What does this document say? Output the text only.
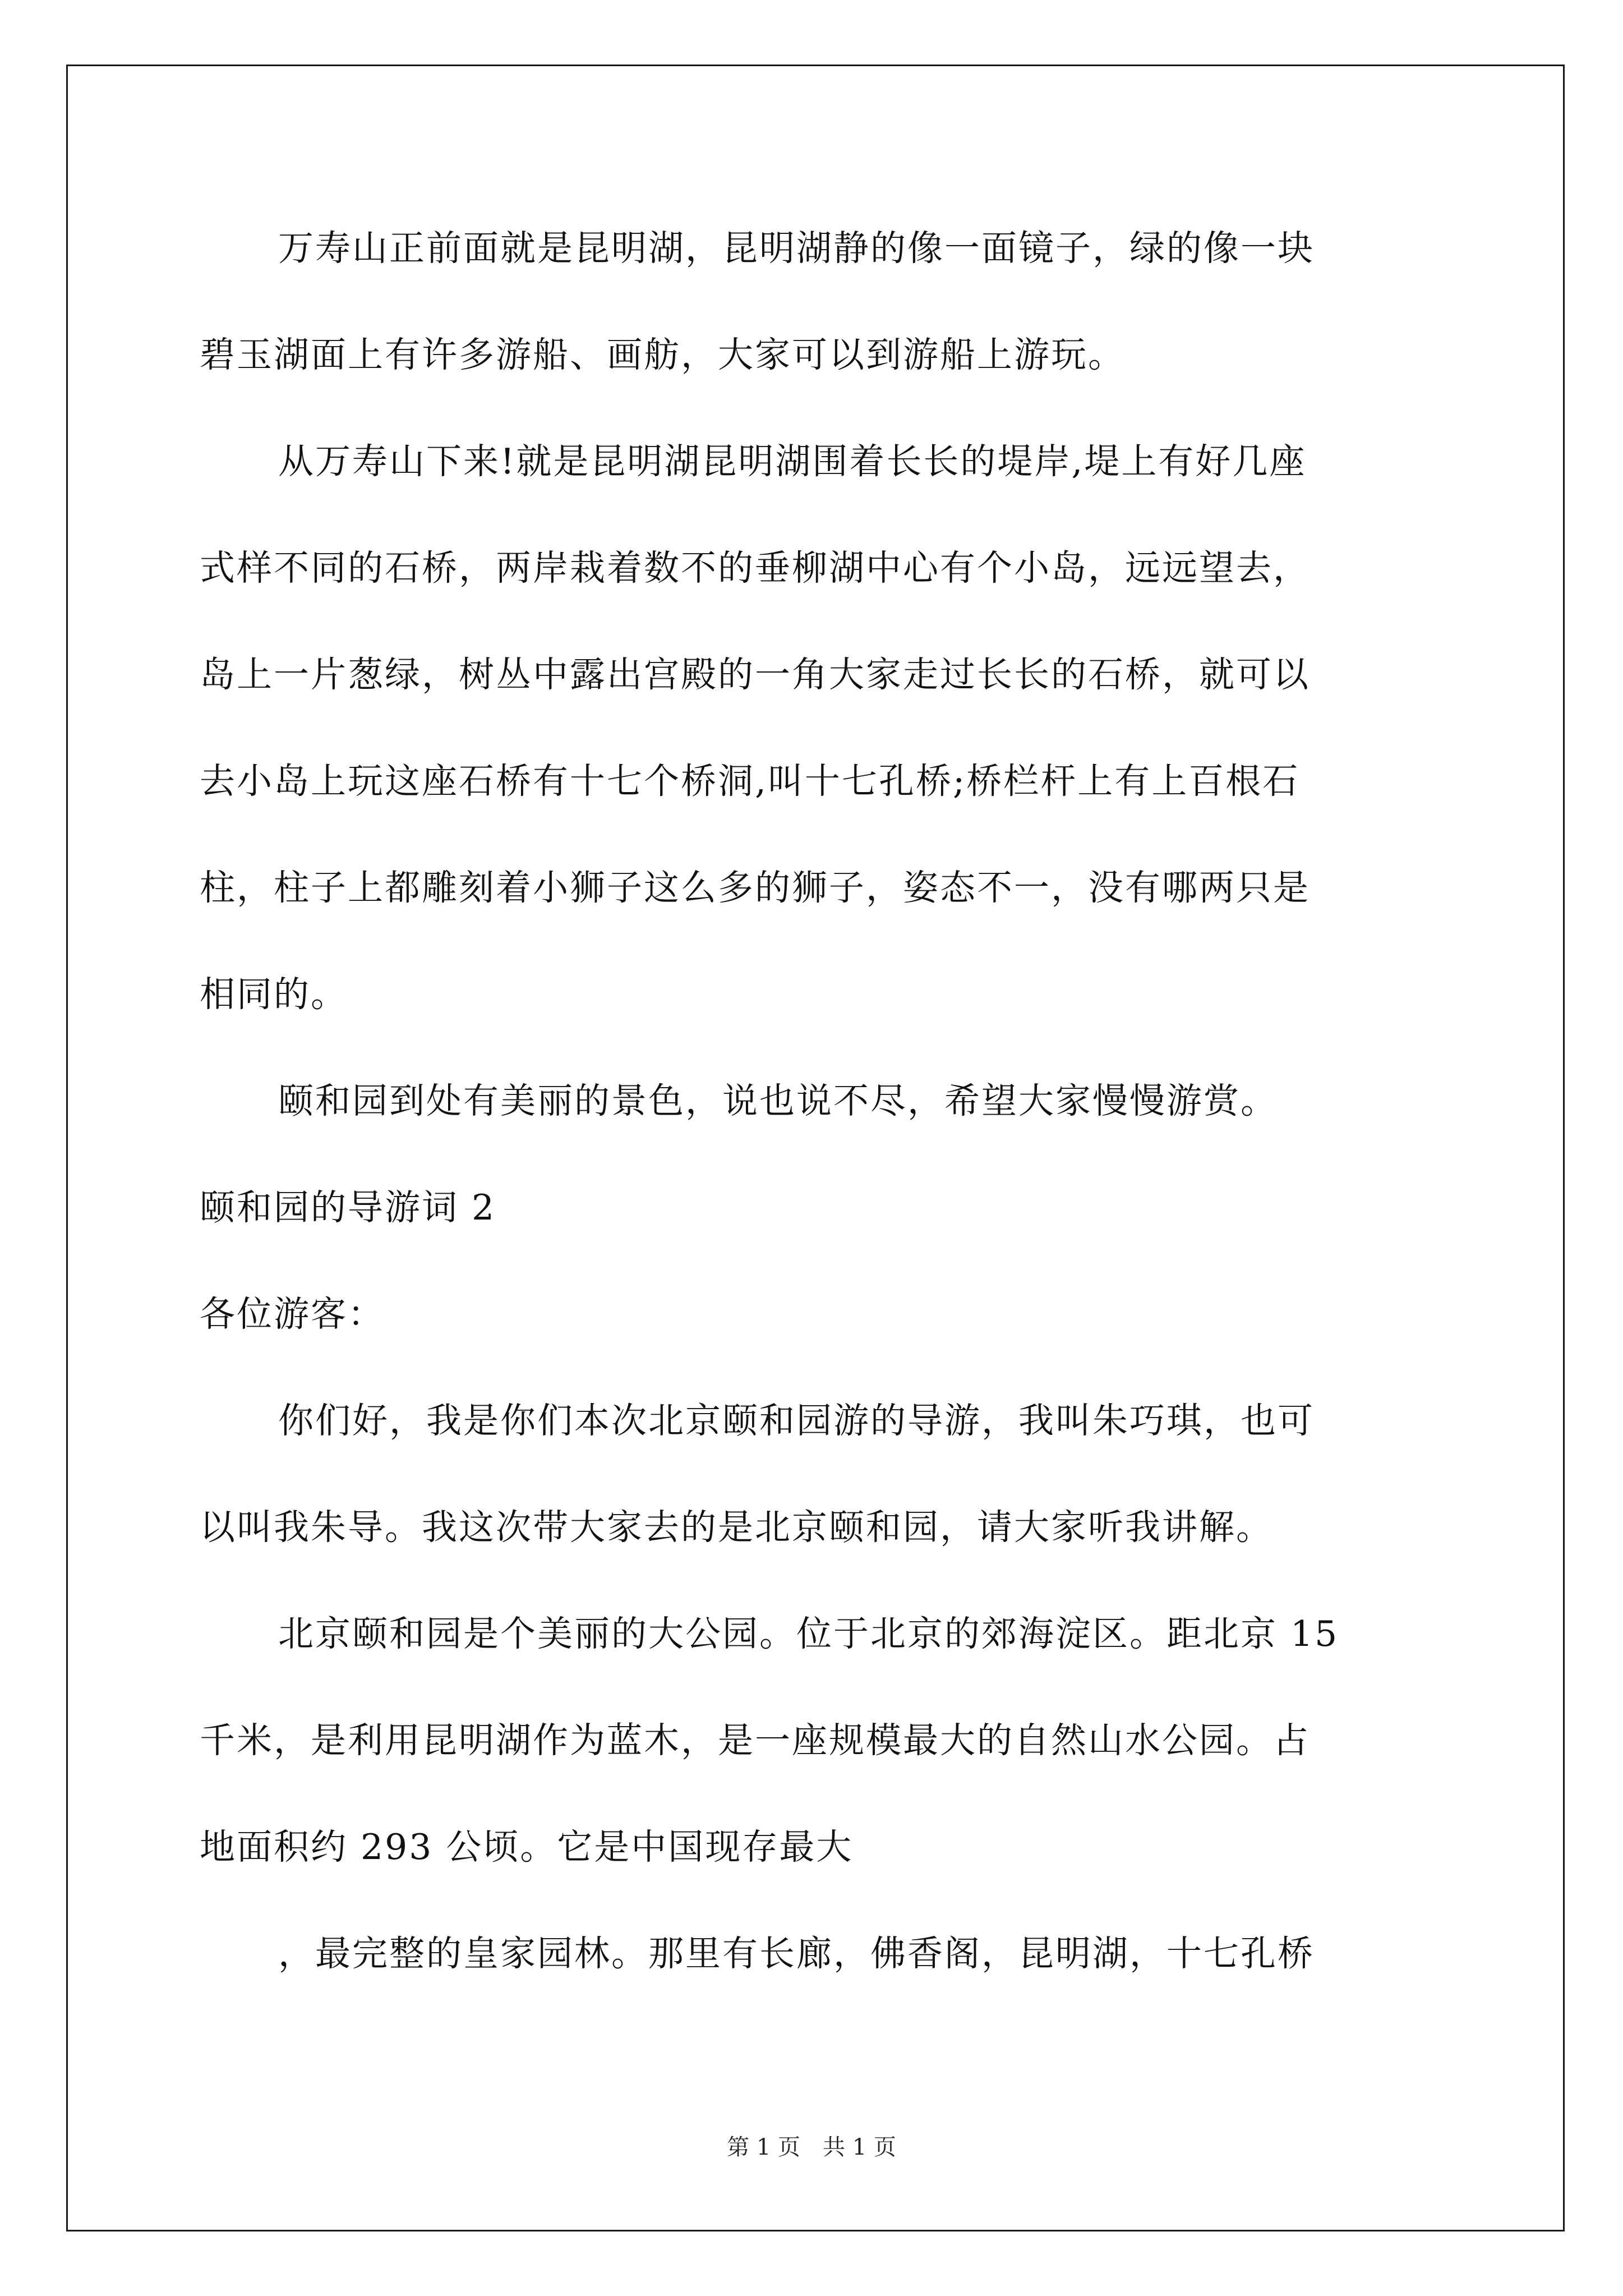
万寿山正前面就是昆明湖，昆明湖静的像一面镜子，绿的像一块
碧玉湖面上有许多游船、画舫，大家可以到游船上游玩。
从万寿山下来!就是昆明湖昆明湖围着长长的堤岸,堤上有好几座
式样不同的石桥，两岸栽着数不的垂柳湖中心有个小岛，远远望去，
岛上一片葱绿，树丛中露出宫殿的一角大家走过长长的石桥，就可以
去小岛上玩这座石桥有十七个桥洞,叫十七孔桥;桥栏杆上有上百根石
柱，柱子上都雕刻着小狮子这么多的狮子，姿态不一，没有哪两只是
相同的。
颐和园到处有美丽的景色，说也说不尽，希望大家慢慢游赏。
颐和园的导游词 2
各位游客：
你们好，我是你们本次北京颐和园游的导游，我叫朱巧琪，也可
以叫我朱导。我这次带大家去的是北京颐和园，请大家听我讲解。
北京颐和园是个美丽的大公园。位于北京的郊海淀区。距北京 15
千米，是利用昆明湖作为蓝木，是一座规模最大的自然山水公园。占
地面积约 293 公顷。它是中国现存最大
，最完整的皇家园林。那里有长廊，佛香阁，昆明湖，十七孔桥
第 1 页 共 1 页
